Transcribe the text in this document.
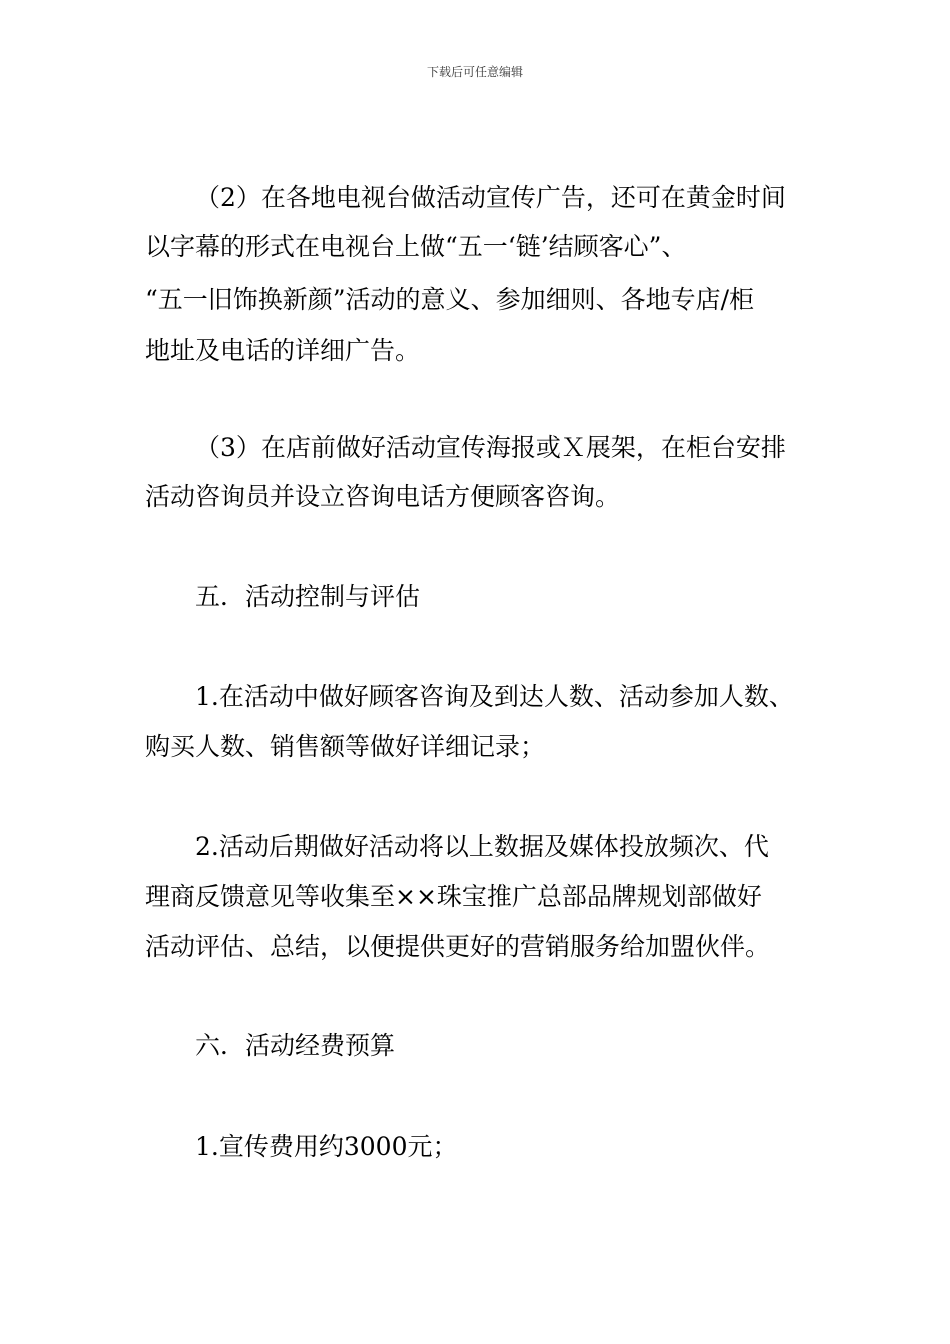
下载后可任意编辑
（2）在各地电视台做活动宣传广告，还可在黄金时间
以字幕的形式在电视台上做“五一‘链’结顾客心”、
“五一旧饰换新颜”活动的意义、参加细则、各地专店/柜
地址及电话的详细广告。
（3）在店前做好活动宣传海报或Ｘ展架，在柜台安排
活动咨询员并设立咨询电话方便顾客咨询。
五．活动控制与评估
1.在活动中做好顾客咨询及到达人数、活动参加人数、
购买人数、销售额等做好详细记录；
2.活动后期做好活动将以上数据及媒体投放频次、代
理商反馈意见等收集至××珠宝推广总部品牌规划部做好
活动评估、总结，以便提供更好的营销服务给加盟伙伴。
六．活动经费预算
1.宣传费用约3000元；
